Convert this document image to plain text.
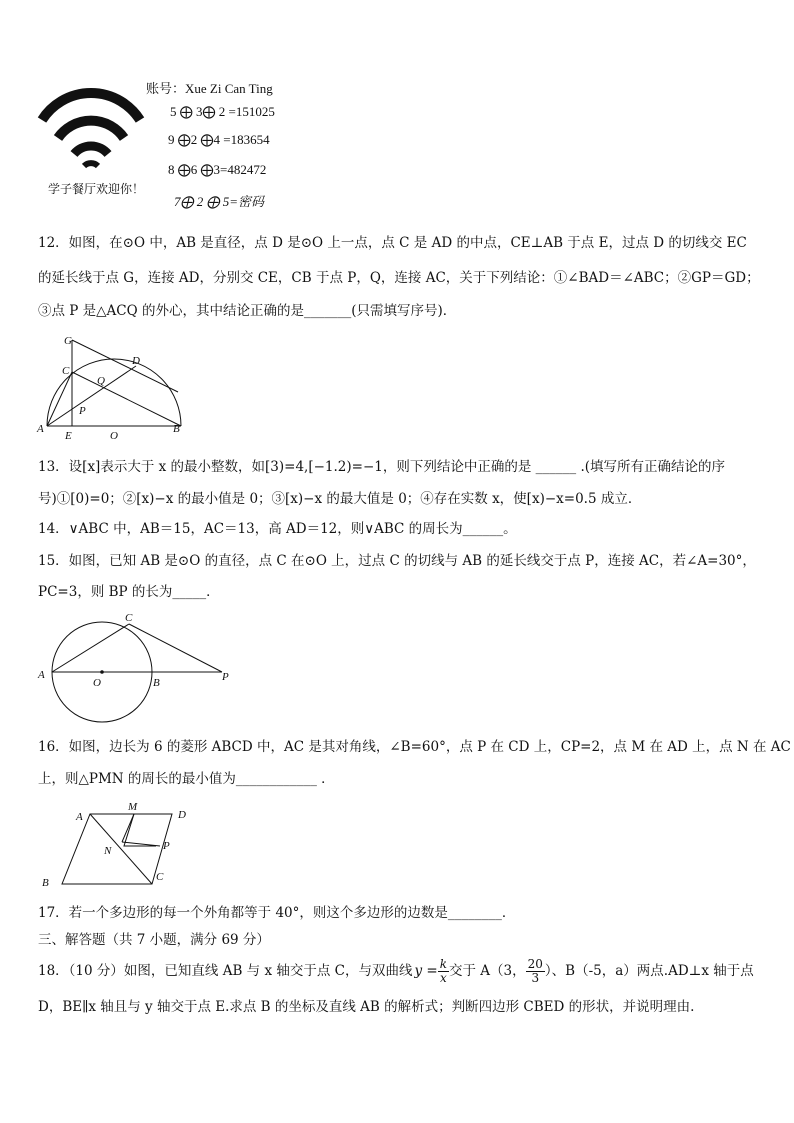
账号：Xue Zi Can Ting
5 ⨁ 3⨁ 2 =151025
9 ⨁2 ⨁4 =183654
8 ⨁6 ⨁3=482472
7⨁ 2 ⨁ 5=密码
学子餐厅欢迎你！
12．如图，在⊙O 中，AB 是直径，点 D 是⊙O 上一点，点 C 是 AD 的中点，CE⊥AB 于点 E，过点 D 的切线交 EC
的延长线于点 G，连接 AD，分别交 CE，CB 于点 P，Q，连接 AC，关于下列结论：①∠BAD＝∠ABC；②GP＝GD；
③点 P 是△ACQ 的外心，其中结论正确的是_______(只需填写序号)．
G
D
C
Q
P
A
E	O
B
13．设[x]表示大于 x 的最小整数，如[3)=4,[−1.2)=−1，则下列结论中正确的是 ______ .(填写所有正确结论的序
号)①[0)=0；②[x)−x 的最小值是 0；③[x)−x 的最大值是 0；④存在实数 x，使[x)−x=0.5 成立．
14．∨ABC 中，AB＝15，AC＝13，高 AD＝12，则∨ABC 的周长为______。
15．如图，已知 AB 是⊙O 的直径，点 C 在⊙O 上，过点 C 的切线与 AB 的延长线交于点 P，连接 AC，若∠A=30°，
PC=3，则 BP 的长为_____．
C
A
O	B	P
16．如图，边长为 6 的菱形 ABCD 中，AC 是其对角线，∠B=60°，点 P 在 CD 上，CP=2，点 M 在 AD 上，点 N 在 AC
上，则△PMN 的周长的最小值为____________ ．
M
A	D
N	P
B	C
17．若一个多边形的每一个外角都等于 40°，则这个多边形的边数是________．
三、解答题（共 7 小题，满分 69 分）
18．（10 分）如图，已知直线 AB 与 x 轴交于点 C，与双曲线 $y = \frac{k}{x}$ 交于 A（3， $\frac{20}{3}$ ）、B（-5，a）两点.AD⊥x 轴于点
D，BE∥x 轴且与 y 轴交于点 E.求点 B 的坐标及直线 AB 的解析式；判断四边形 CBED 的形状，并说明理由.
